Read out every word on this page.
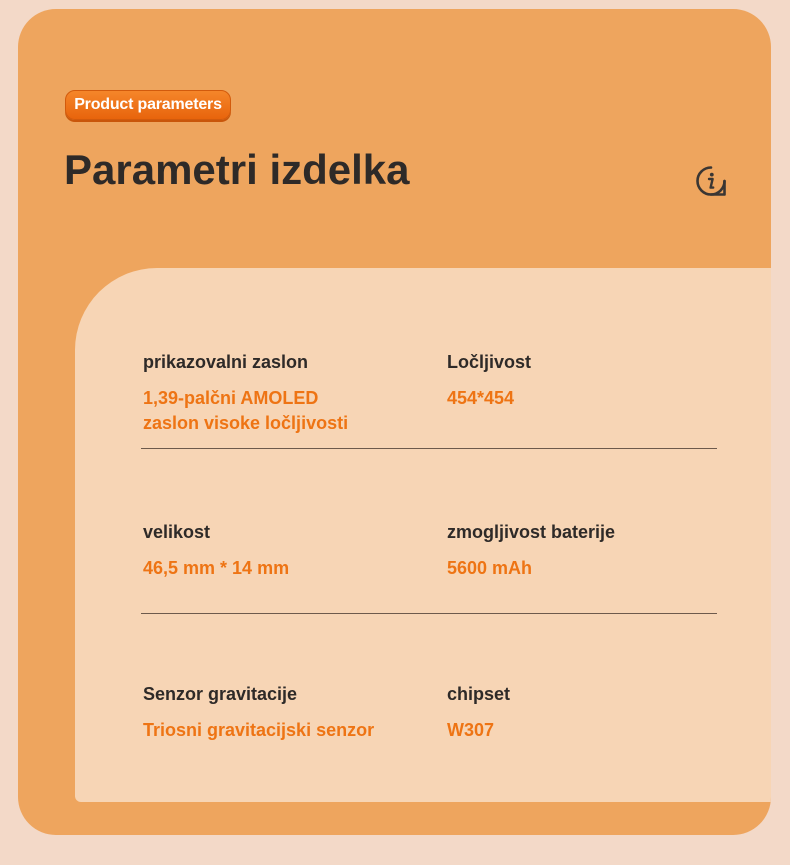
Product parameters
Parametri izdelka
prikazovalni zaslon
1,39-palčni AMOLED
zaslon visoke ločljivosti
Ločljivost
454*454
velikost
46,5 mm * 14 mm
zmogljivost baterije
5600 mAh
Senzor gravitacije
Triosni gravitacijski senzor
chipset
W307
